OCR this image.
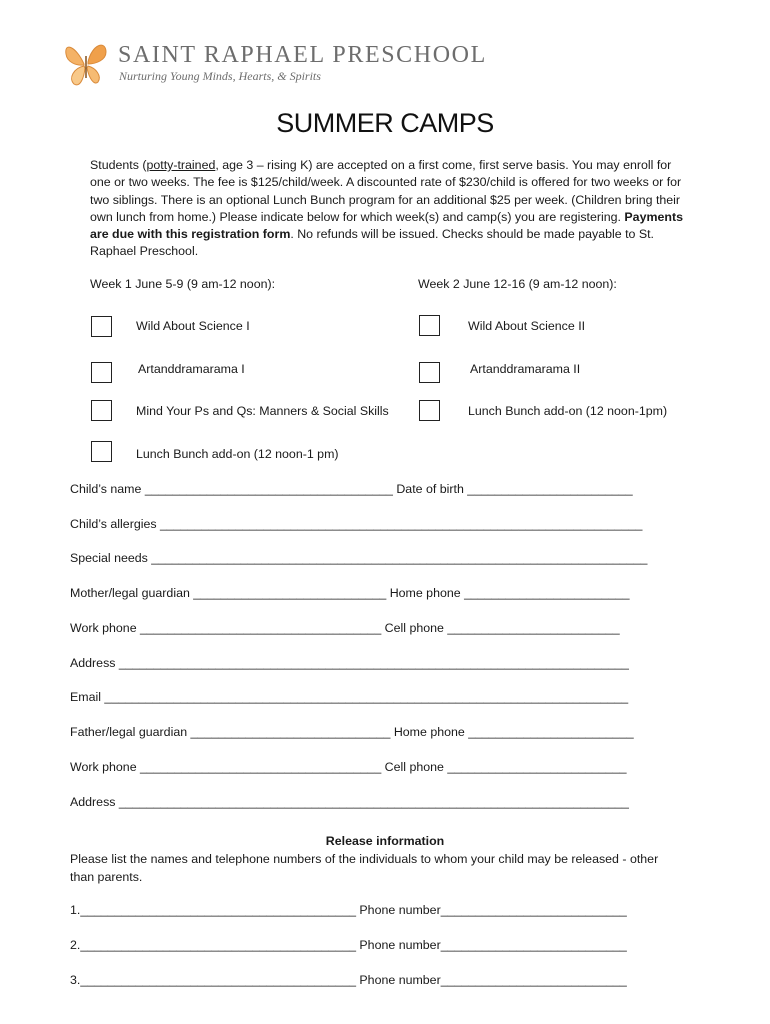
SAINT RAPHAEL PRESCHOOL
Nurturing Young Minds, Hearts, & Spirits
SUMMER CAMPS
Students (potty-trained, age 3 – rising K) are accepted on a first come, first serve basis. You may enroll for one or two weeks. The fee is $125/child/week. A discounted rate of $230/child is offered for two weeks or for two siblings. There is an optional Lunch Bunch program for an additional $25 per week. (Children bring their own lunch from home.) Please indicate below for which week(s) and camp(s) you are registering. Payments are due with this registration form. No refunds will be issued. Checks should be made payable to St. Raphael Preschool.
Week 1 June 5-9 (9 am-12 noon):	Week 2 June 12-16 (9 am-12 noon):
Wild About Science I
Artanddramarama I
Mind Your Ps and Qs: Manners & Social Skills
Lunch Bunch add-on (12 noon-1 pm)
Wild About Science II
Artanddramarama II
Lunch Bunch add-on (12 noon-1pm)
Child’s name ____________________________________ Date of birth ________________________
Child’s allergies ______________________________________________________________________
Special needs ________________________________________________________________________
Mother/legal guardian ____________________________ Home phone ________________________
Work phone ___________________________________ Cell phone _________________________
Address __________________________________________________________________________
Email ____________________________________________________________________________
Father/legal guardian _____________________________ Home phone ________________________
Work phone ___________________________________ Cell phone __________________________
Address __________________________________________________________________________
Release information
Please list the names and telephone numbers of the individuals to whom your child may be released - other than parents.
1.________________________________________ Phone number___________________________
2.________________________________________ Phone number___________________________
3.________________________________________ Phone number___________________________
